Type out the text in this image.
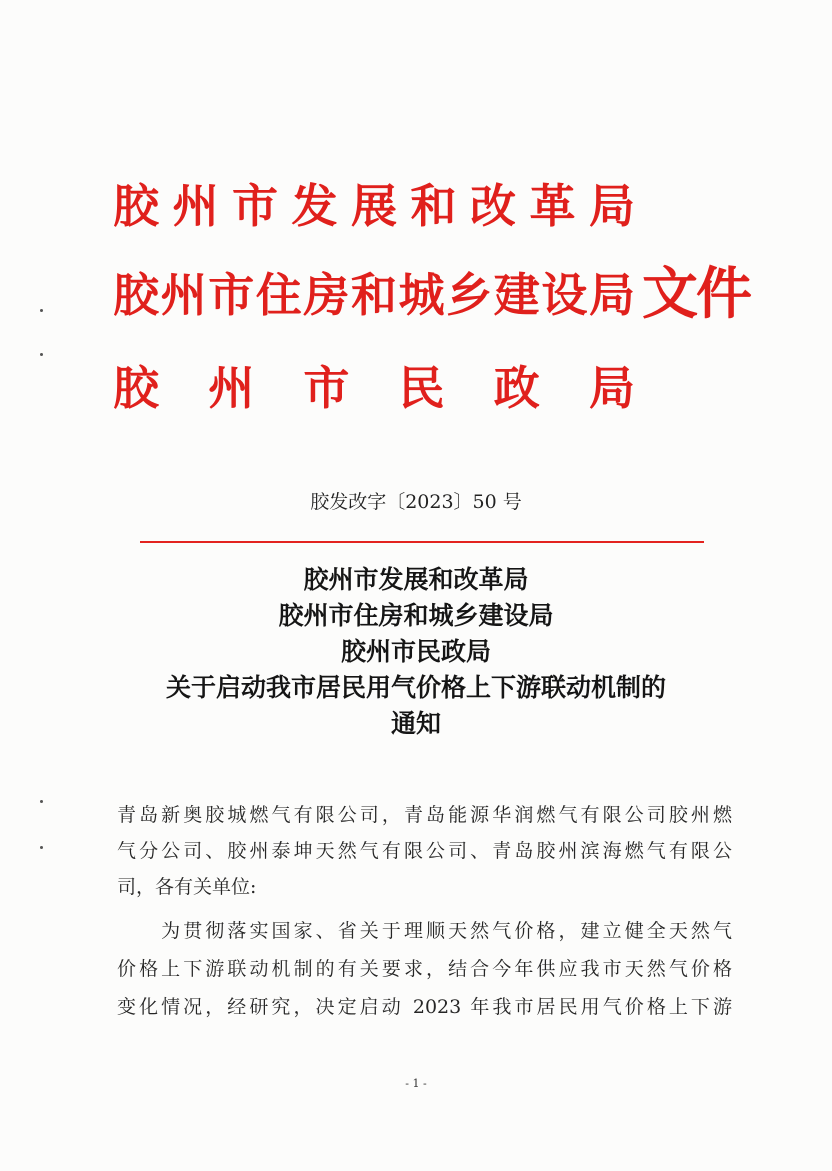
胶 州 市 发 展 和 改 革 局
胶 州 市 住 房 和 城 乡 建 设 局 文件
胶 州 市 民 政 局
胶发改字〔2023〕50 号
胶州市发展和改革局
胶州市住房和城乡建设局
胶州市民政局
关于启动我市居民用气价格上下游联动机制的
通知
青岛新奥胶城燃气有限公司，青岛能源华润燃气有限公司胶州燃
气分公司、胶州泰坤天然气有限公司、青岛胶州滨海燃气有限公
司，各有关单位:
　　为贯彻落实国家、省关于理顺天然气价格，建立健全天然气
价格上下游联动机制的有关要求，结合今年供应我市天然气价格
变化情况，经研究，决定启动 2023 年我市居民用气价格上下游
- 1 -
